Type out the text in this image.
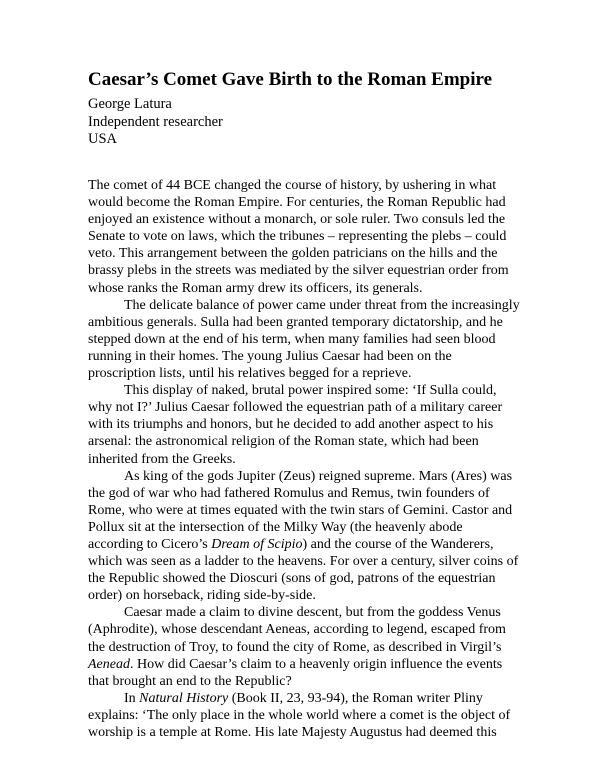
Caesar’s Comet Gave Birth to the Roman Empire
George Latura
Independent researcher
USA
The comet of 44 BCE changed the course of history, by ushering in what
would become the Roman Empire. For centuries, the Roman Republic had
enjoyed an existence without a monarch, or sole ruler. Two consuls led the
Senate to vote on laws, which the tribunes – representing the plebs – could
veto. This arrangement between the golden patricians on the hills and the
brassy plebs in the streets was mediated by the silver equestrian order from
whose ranks the Roman army drew its officers, its generals.
The delicate balance of power came under threat from the increasingly
ambitious generals. Sulla had been granted temporary dictatorship, and he
stepped down at the end of his term, when many families had seen blood
running in their homes. The young Julius Caesar had been on the
proscription lists, until his relatives begged for a reprieve.
This display of naked, brutal power inspired some: ‘If Sulla could,
why not I?’ Julius Caesar followed the equestrian path of a military career
with its triumphs and honors, but he decided to add another aspect to his
arsenal: the astronomical religion of the Roman state, which had been
inherited from the Greeks.
As king of the gods Jupiter (Zeus) reigned supreme. Mars (Ares) was
the god of war who had fathered Romulus and Remus, twin founders of
Rome, who were at times equated with the twin stars of Gemini. Castor and
Pollux sit at the intersection of the Milky Way (the heavenly abode
according to Cicero’s Dream of Scipio) and the course of the Wanderers,
which was seen as a ladder to the heavens. For over a century, silver coins of
the Republic showed the Dioscuri (sons of god, patrons of the equestrian
order) on horseback, riding side-by-side.
Caesar made a claim to divine descent, but from the goddess Venus
(Aphrodite), whose descendant Aeneas, according to legend, escaped from
the destruction of Troy, to found the city of Rome, as described in Virgil’s
Aenead. How did Caesar’s claim to a heavenly origin influence the events
that brought an end to the Republic?
In Natural History (Book II, 23, 93-94), the Roman writer Pliny
explains: ‘The only place in the whole world where a comet is the object of
worship is a temple at Rome. His late Majesty Augustus had deemed this
